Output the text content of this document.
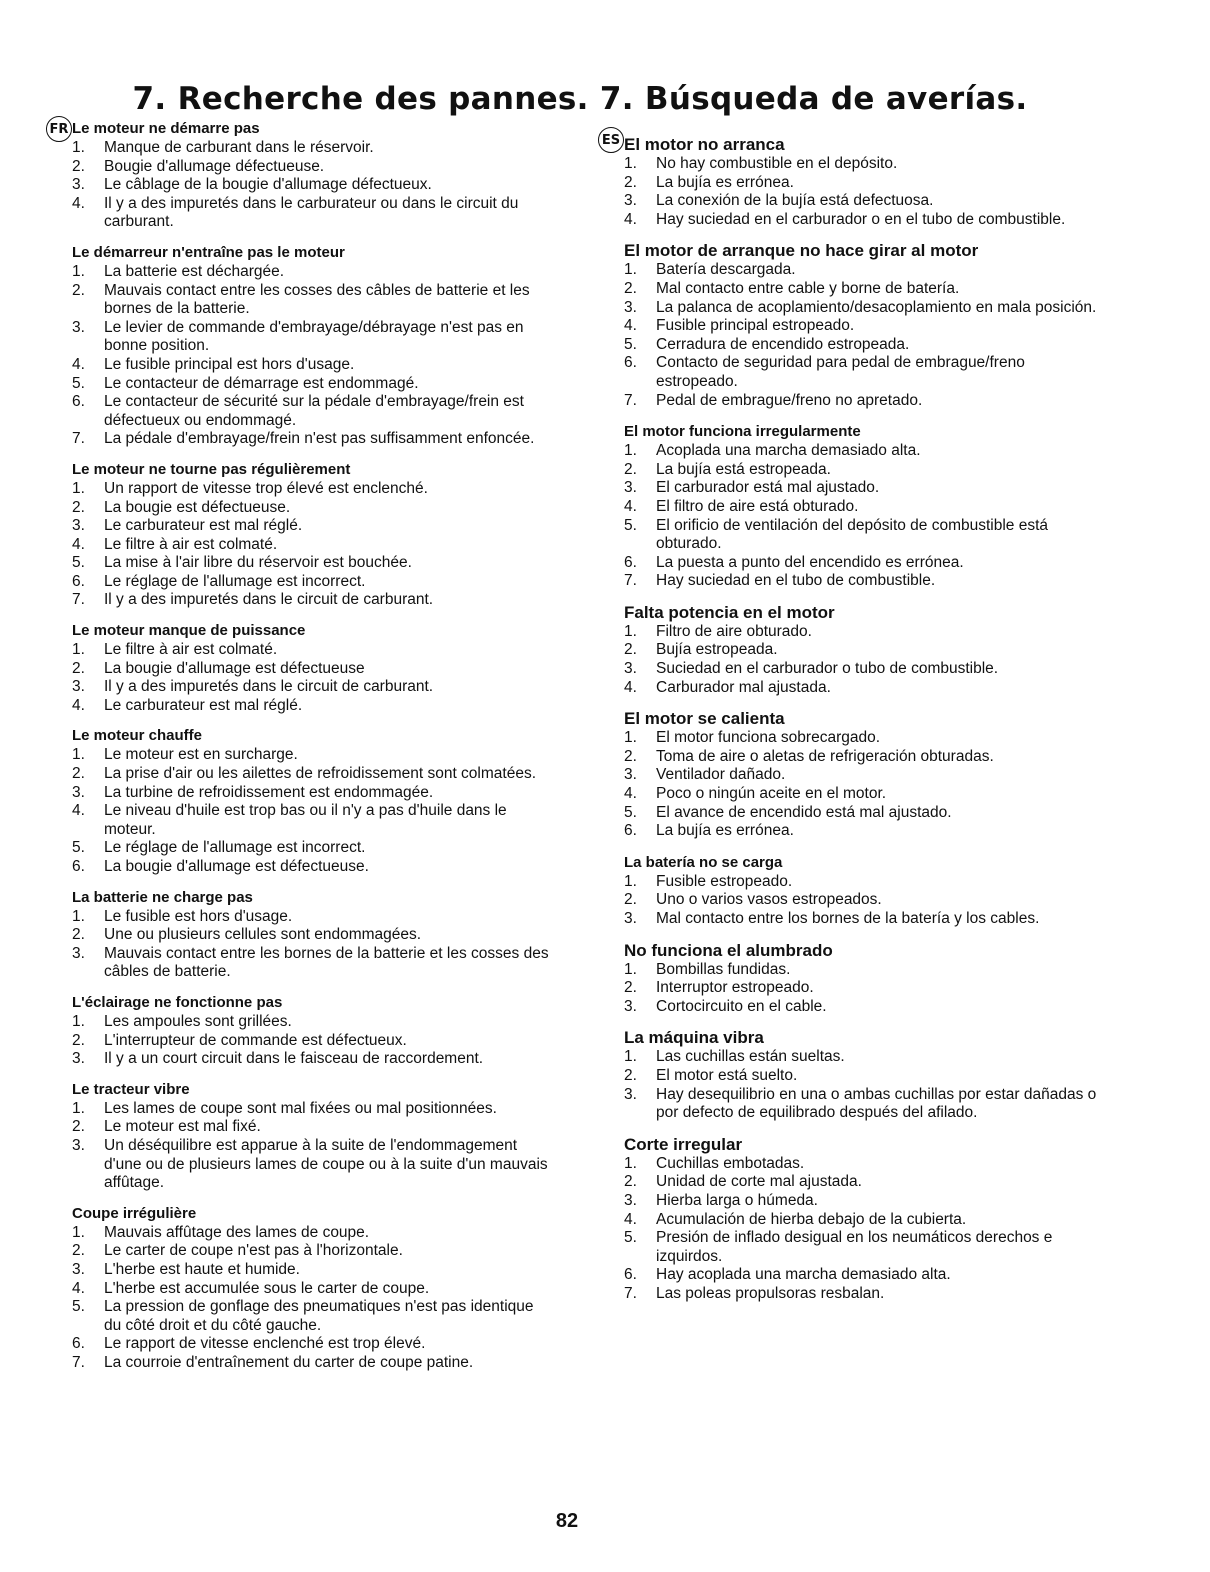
7. Recherche des pannes. 7. Búsqueda de averías.
FR Le moteur ne démarre pas
1.	Manque de carburant dans le réservoir.
2.	Bougie d'allumage défectueuse.
3.	Le câblage de la bougie d'allumage défectueux.
4.	Il y a des impuretés dans le carburateur ou dans le circuit du carburant.
Le démarreur n'entraîne pas le moteur
1.	La batterie est déchargée.
2.	Mauvais contact entre les cosses des câbles de batterie et les bornes de la batterie.
3.	Le levier de commande d'embrayage/débrayage n'est pas en bonne position.
4.	Le fusible principal est hors d'usage.
5.	Le contacteur de démarrage est endommagé.
6.	Le contacteur de sécurité sur la pédale d'embrayage/frein est défectueux ou endommagé.
7.	La pédale d'embrayage/frein n'est pas suffisamment enfoncée.
Le moteur ne tourne pas régulièrement
1.	Un rapport de vitesse trop élevé est enclenché.
2.	La bougie est défectueuse.
3.	Le carburateur est mal réglé.
4.	Le filtre à air est colmaté.
5.	La mise à l'air libre du réservoir est bouchée.
6.	Le réglage de l'allumage est incorrect.
7.	Il y a des impuretés dans le circuit de carburant.
Le moteur manque de puissance
1.	Le filtre à air est colmaté.
2.	La bougie d'allumage est défectueuse
3.	Il y a des impuretés dans le circuit de carburant.
4.	Le carburateur est mal réglé.
Le moteur chauffe
1.	Le moteur est en surcharge.
2.	La prise d'air ou les ailettes de refroidissement sont colmatées.
3.	La turbine de refroidissement est endommagée.
4.	Le niveau d'huile est trop bas ou il n'y a pas d'huile dans le moteur.
5.	Le réglage de l'allumage est incorrect.
6.	La bougie d'allumage est défectueuse.
La batterie ne charge pas
1.	Le fusible est hors d'usage.
2.	Une ou plusieurs cellules sont endommagées.
3.	Mauvais contact entre les bornes de la batterie et les cosses des câbles de batterie.
L'éclairage ne fonctionne pas
1.	Les ampoules sont grillées.
2.	L'interrupteur de commande est défectueux.
3.	Il y a un court circuit dans le faisceau de raccordement.
Le tracteur vibre
1.	Les lames de coupe sont mal fixées ou mal positionnées.
2.	Le moteur est mal fixé.
3.	Un déséquilibre est apparue à la suite de l'endommagement d'une ou de plusieurs lames de coupe ou à la suite d'un mauvais affûtage.
Coupe irrégulière
1.	Mauvais affûtage des lames de coupe.
2.	Le carter de coupe n'est pas à l'horizontale.
3.	L'herbe est haute et humide.
4.	L'herbe est accumulée sous le carter de coupe.
5.	La pression de gonflage des pneumatiques n'est pas identique du côté droit et du côté gauche.
6.	Le rapport de vitesse enclenché est trop élevé.
7.	La courroie d'entraînement du carter de coupe patine.
ES El motor no arranca
1.	No hay combustible en el depósito.
2.	La bujía es errónea.
3.	La conexión de la bujía está defectuosa.
4.	Hay suciedad en el carburador o en el tubo de combustible.
El motor de arranque no hace girar al motor
1.	Batería descargada.
2.	Mal contacto entre cable y borne de batería.
3.	La palanca de acoplamiento/desacoplamiento en mala posición.
4.	Fusible principal estropeado.
5.	Cerradura de encendido estropeada.
6.	Contacto de seguridad para pedal de embrague/freno estropeado.
7.	Pedal de embrague/freno no apretado.
El motor funciona irregularmente
1.	Acoplada una marcha demasiado alta.
2.	La bujía está estropeada.
3.	El carburador está mal ajustado.
4.	El filtro de aire está obturado.
5.	El orificio de ventilación del depósito de combustible está obturado.
6.	La puesta a punto del encendido es errónea.
7.	Hay suciedad en el tubo de combustible.
Falta potencia en el motor
1.	Filtro de aire obturado.
2.	Bujía estropeada.
3.	Suciedad en el carburador o tubo de combustible.
4.	Carburador mal ajustada.
El motor se calienta
1.	El motor funciona sobrecargado.
2.	Toma de aire o aletas de refrigeración obturadas.
3.	Ventilador dañado.
4.	Poco o ningún aceite en el motor.
5.	El avance de encendido está mal ajustado.
6.	La bujía es errónea.
La batería no se carga
1.	Fusible estropeado.
2.	Uno o varios vasos estropeados.
3.	Mal contacto entre los bornes de la batería y los cables.
No funciona el alumbrado
1.	Bombillas fundidas.
2.	Interruptor estropeado.
3.	Cortocircuito en el cable.
La máquina vibra
1.	Las cuchillas están sueltas.
2.	El motor está suelto.
3.	Hay desequilibrio en una o ambas cuchillas por estar dañadas o por defecto de equilibrado después del afilado.
Corte irregular
1.	Cuchillas embotadas.
2.	Unidad de corte mal ajustada.
3.	Hierba larga o húmeda.
4.	Acumulación de hierba debajo de la cubierta.
5.	Presión de inflado desigual en los neumáticos derechos e izquirdos.
6.	Hay acoplada una marcha demasiado alta.
7.	Las poleas propulsoras resbalan.
82
